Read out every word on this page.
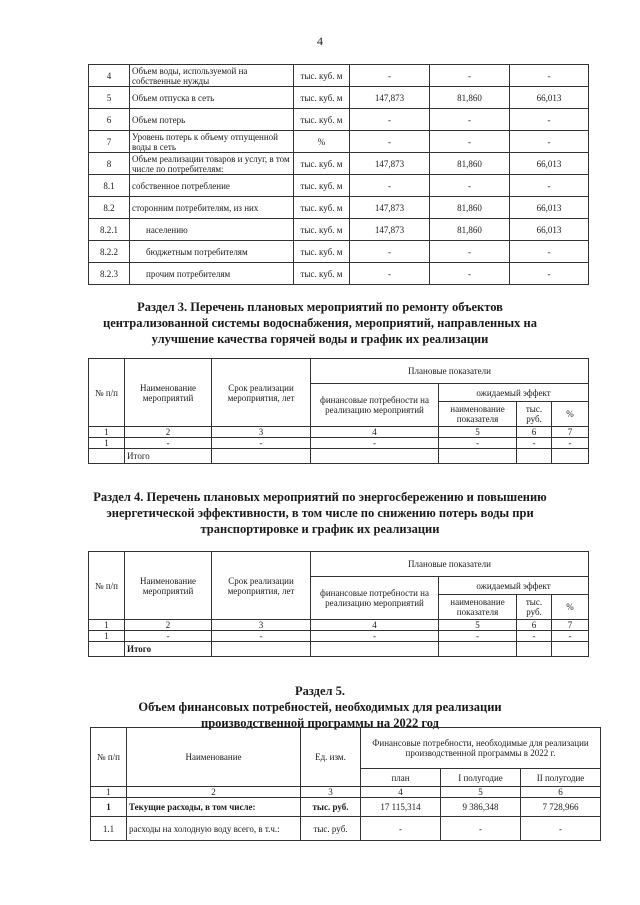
4
4	Объем воды, используемой на собственные нужды	тыс. куб. м	-	-	-
5	Объем отпуска в сеть	тыс. куб. м	147,873	81,860	66,013
6	Объем потерь	тыс. куб. м	-	-	-
7	Уровень потерь к объему отпущенной воды в сеть	%	-	-	-
8	Объем реализации товаров и услуг, в том числе по потребителям:	тыс. куб. м	147,873	81,860	66,013
8.1	собственное потребление	тыс. куб. м	-	-	-
8.2	сторонним потребителям, из них	тыс. куб. м	147,873	81,860	66,013
8.2.1	населению	тыс. куб. м	147,873	81,860	66,013
8.2.2	бюджетным потребителям	тыс. куб. м	-	-	-
8.2.3	прочим потребителям	тыс. куб. м	-	-	-
Раздел 3. Перечень плановых мероприятий по ремонту объектов
централизованной системы водоснабжения, мероприятий, направленных на
улучшение качества горячей воды и график их реализации
№ п/п	Наименование мероприятий	Срок реализации мероприятия, лет	Плановые показатели			
			финансовые потребности на реализацию мероприятий	ожидаемый эффект		
				наименование показателя	тыс. руб.	%
1	2	3	4	5	6	7
1	-	-	-	-	-	-
	Итого					
Раздел 4. Перечень плановых мероприятий по энергосбережению и повышению
энергетической эффективности, в том числе по снижению потерь воды при
транспортировке и график их реализации
№ п/п	Наименование мероприятий	Срок реализации мероприятия, лет	Плановые показатели			
			финансовые потребности на реализацию мероприятий	ожидаемый эффект		
				наименование показателя	тыс. руб.	%
1	2	3	4	5	6	7
1	-	-	-	-	-	-
	Итого					
Раздел 5.
Объем финансовых потребностей, необходимых для реализации
производственной программы на 2022 год
№ п/п	Наименование	Ед. изм.	Финансовые потребности, необходимые для реализации производственной программы в 2022 г.		
			план	I полугодие	II полугодие
1	2	3	4	5	6
1	Текущие расходы, в том числе:	тыс. руб.	17 115,314	9 386,348	7 728,966
1.1	расходы на холодную воду всего, в т.ч.:	тыс. руб.	-	-	-
